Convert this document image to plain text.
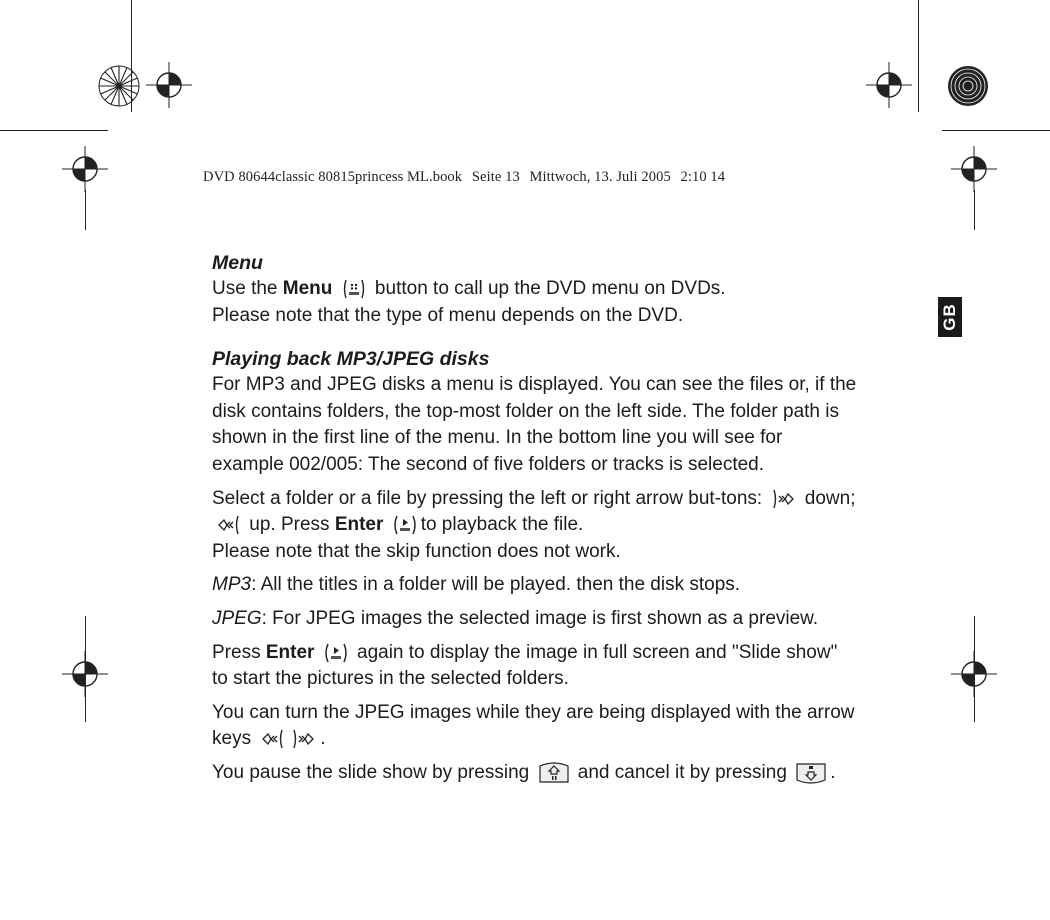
DVD 80644classic 80815princess ML.book Seite 13 Mittwoch, 13. Juli 2005 2:10 14
GB
Menu

Use the Menu
button to call up the DVD menu on DVDs.

Please note that the type of menu depends on the DVD.

Playing back MP3/JPEG disks

For MP3 and JPEG disks a menu is displayed. You can see the files or, if the disk contains folders, the top-most folder on the left side. The folder path is shown in the first line of the menu. In the bottom line you will see for example 002/005: The second of five folders or tracks is selected.

Select a folder or a file by pressing the left or right arrow but-tons:
down;
up. Press Enter to playback the file.
Please note that the skip function does not work.

MP3: All the titles in a folder will be played. then the disk stops.

JPEG: For JPEG images the selected image is first shown as a preview.

Press Enter
again to display the image in full screen and "Slide show" to start the pictures in the selected folders.

You can turn the JPEG images while they are being displayed with the arrow keys	.

You pause the slide show by pressing
and cancel it by pressing
.
